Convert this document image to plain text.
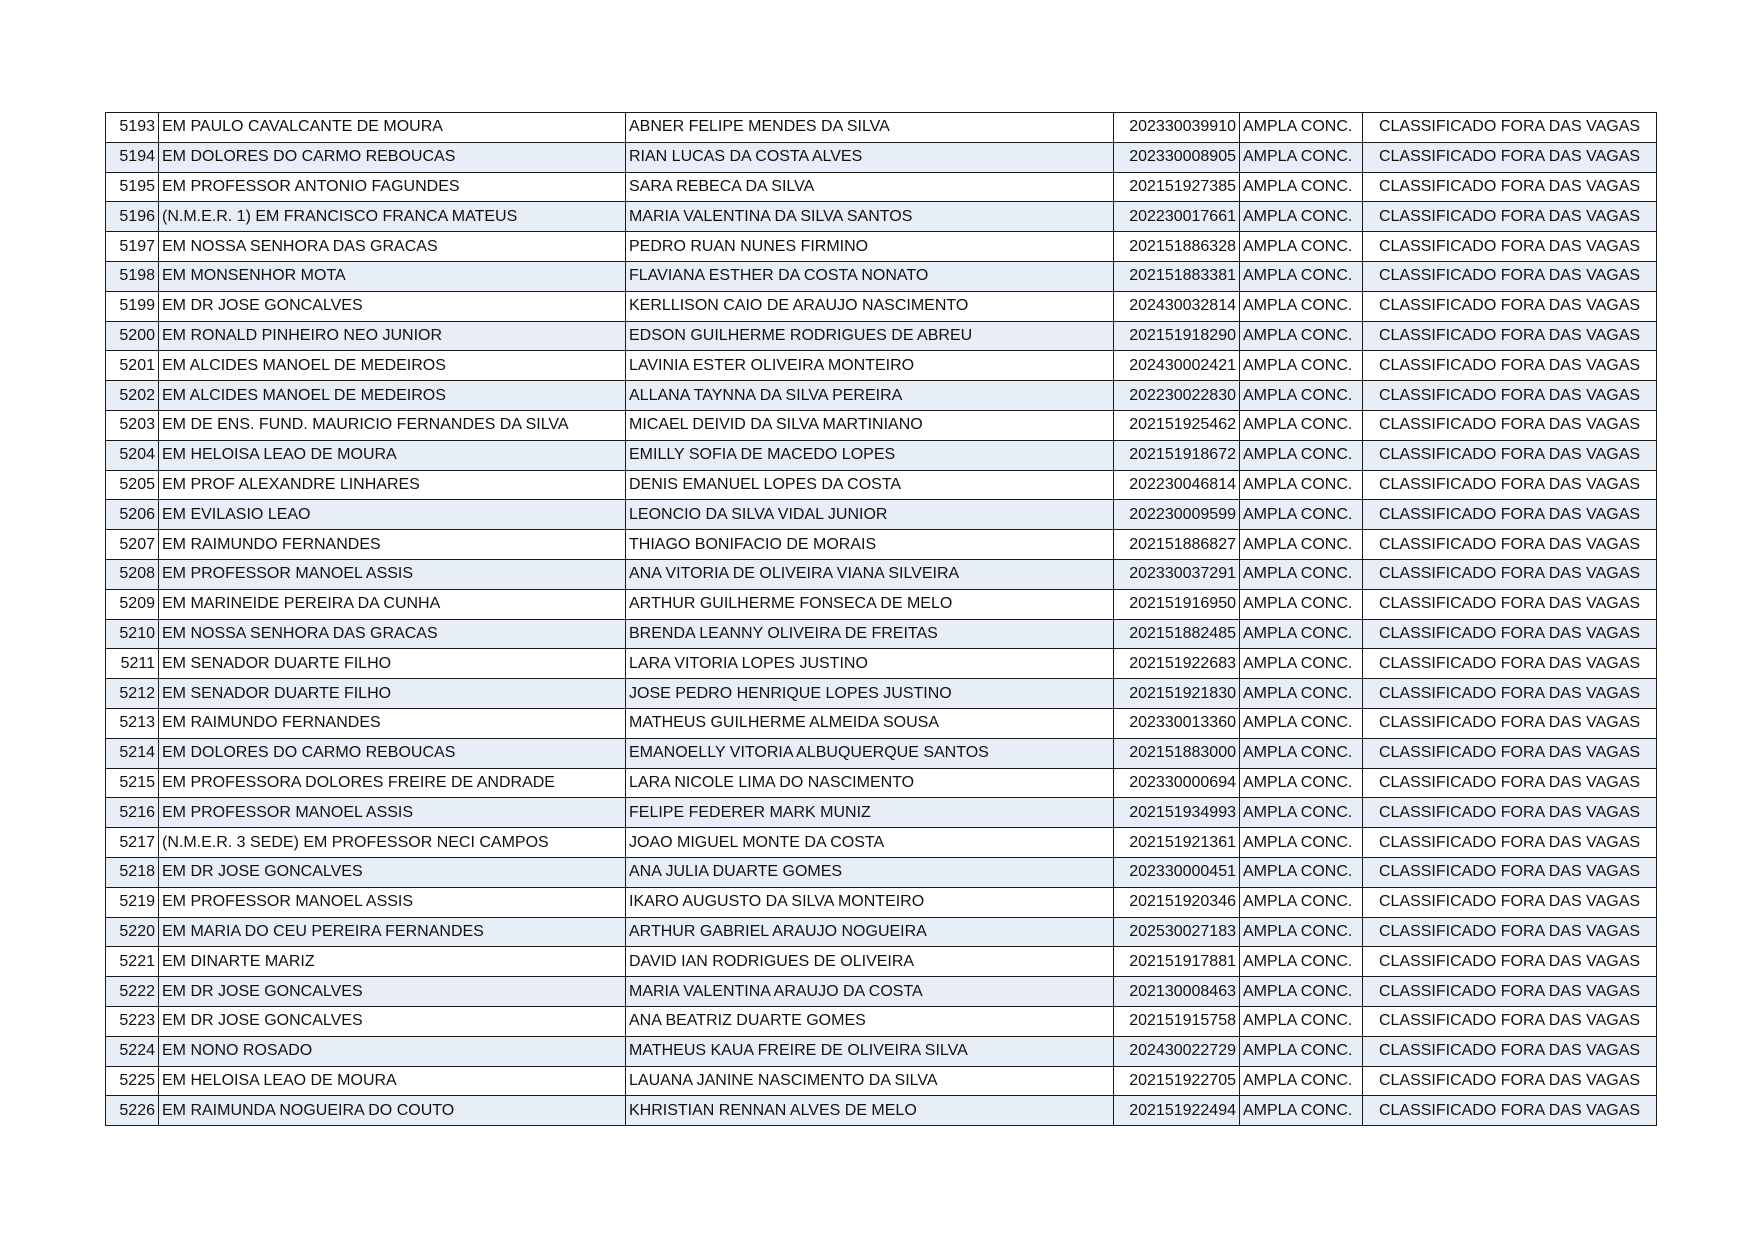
5193	EM PAULO CAVALCANTE DE MOURA	ABNER FELIPE MENDES DA SILVA	202330039910	AMPLA CONC.	CLASSIFICADO FORA DAS VAGAS
5194	EM DOLORES DO CARMO REBOUCAS	RIAN LUCAS DA COSTA ALVES	202330008905	AMPLA CONC.	CLASSIFICADO FORA DAS VAGAS
5195	EM PROFESSOR ANTONIO FAGUNDES	SARA REBECA DA SILVA	202151927385	AMPLA CONC.	CLASSIFICADO FORA DAS VAGAS
5196	(N.M.E.R. 1) EM FRANCISCO FRANCA MATEUS	MARIA VALENTINA DA SILVA SANTOS	202230017661	AMPLA CONC.	CLASSIFICADO FORA DAS VAGAS
5197	EM NOSSA SENHORA DAS GRACAS	PEDRO RUAN NUNES FIRMINO	202151886328	AMPLA CONC.	CLASSIFICADO FORA DAS VAGAS
5198	EM MONSENHOR MOTA	FLAVIANA ESTHER DA COSTA NONATO	202151883381	AMPLA CONC.	CLASSIFICADO FORA DAS VAGAS
5199	EM DR JOSE GONCALVES	KERLLISON CAIO DE ARAUJO NASCIMENTO	202430032814	AMPLA CONC.	CLASSIFICADO FORA DAS VAGAS
5200	EM RONALD PINHEIRO NEO JUNIOR	EDSON GUILHERME RODRIGUES DE ABREU	202151918290	AMPLA CONC.	CLASSIFICADO FORA DAS VAGAS
5201	EM ALCIDES MANOEL DE MEDEIROS	LAVINIA ESTER OLIVEIRA MONTEIRO	202430002421	AMPLA CONC.	CLASSIFICADO FORA DAS VAGAS
5202	EM ALCIDES MANOEL DE MEDEIROS	ALLANA TAYNNA DA SILVA PEREIRA	202230022830	AMPLA CONC.	CLASSIFICADO FORA DAS VAGAS
5203	EM DE ENS. FUND. MAURICIO FERNANDES DA SILVA	MICAEL DEIVID DA SILVA MARTINIANO	202151925462	AMPLA CONC.	CLASSIFICADO FORA DAS VAGAS
5204	EM HELOISA LEAO DE MOURA	EMILLY SOFIA DE MACEDO LOPES	202151918672	AMPLA CONC.	CLASSIFICADO FORA DAS VAGAS
5205	EM PROF ALEXANDRE LINHARES	DENIS EMANUEL LOPES DA COSTA	202230046814	AMPLA CONC.	CLASSIFICADO FORA DAS VAGAS
5206	EM EVILASIO LEAO	LEONCIO DA SILVA VIDAL JUNIOR	202230009599	AMPLA CONC.	CLASSIFICADO FORA DAS VAGAS
5207	EM RAIMUNDO FERNANDES	THIAGO BONIFACIO DE MORAIS	202151886827	AMPLA CONC.	CLASSIFICADO FORA DAS VAGAS
5208	EM PROFESSOR MANOEL ASSIS	ANA VITORIA DE OLIVEIRA VIANA SILVEIRA	202330037291	AMPLA CONC.	CLASSIFICADO FORA DAS VAGAS
5209	EM MARINEIDE PEREIRA DA CUNHA	ARTHUR GUILHERME FONSECA DE MELO	202151916950	AMPLA CONC.	CLASSIFICADO FORA DAS VAGAS
5210	EM NOSSA SENHORA DAS GRACAS	BRENDA LEANNY OLIVEIRA DE FREITAS	202151882485	AMPLA CONC.	CLASSIFICADO FORA DAS VAGAS
5211	EM SENADOR DUARTE FILHO	LARA VITORIA LOPES JUSTINO	202151922683	AMPLA CONC.	CLASSIFICADO FORA DAS VAGAS
5212	EM SENADOR DUARTE FILHO	JOSE PEDRO HENRIQUE LOPES JUSTINO	202151921830	AMPLA CONC.	CLASSIFICADO FORA DAS VAGAS
5213	EM RAIMUNDO FERNANDES	MATHEUS GUILHERME ALMEIDA SOUSA	202330013360	AMPLA CONC.	CLASSIFICADO FORA DAS VAGAS
5214	EM DOLORES DO CARMO REBOUCAS	EMANOELLY VITORIA ALBUQUERQUE SANTOS	202151883000	AMPLA CONC.	CLASSIFICADO FORA DAS VAGAS
5215	EM PROFESSORA DOLORES FREIRE DE ANDRADE	LARA NICOLE LIMA DO NASCIMENTO	202330000694	AMPLA CONC.	CLASSIFICADO FORA DAS VAGAS
5216	EM PROFESSOR MANOEL ASSIS	FELIPE FEDERER MARK MUNIZ	202151934993	AMPLA CONC.	CLASSIFICADO FORA DAS VAGAS
5217	(N.M.E.R. 3 SEDE) EM PROFESSOR NECI CAMPOS	JOAO MIGUEL MONTE DA COSTA	202151921361	AMPLA CONC.	CLASSIFICADO FORA DAS VAGAS
5218	EM DR JOSE GONCALVES	ANA JULIA DUARTE GOMES	202330000451	AMPLA CONC.	CLASSIFICADO FORA DAS VAGAS
5219	EM PROFESSOR MANOEL ASSIS	IKARO AUGUSTO DA SILVA MONTEIRO	202151920346	AMPLA CONC.	CLASSIFICADO FORA DAS VAGAS
5220	EM MARIA DO CEU PEREIRA FERNANDES	ARTHUR GABRIEL ARAUJO NOGUEIRA	202530027183	AMPLA CONC.	CLASSIFICADO FORA DAS VAGAS
5221	EM DINARTE MARIZ	DAVID IAN RODRIGUES DE OLIVEIRA	202151917881	AMPLA CONC.	CLASSIFICADO FORA DAS VAGAS
5222	EM DR JOSE GONCALVES	MARIA VALENTINA ARAUJO DA COSTA	202130008463	AMPLA CONC.	CLASSIFICADO FORA DAS VAGAS
5223	EM DR JOSE GONCALVES	ANA BEATRIZ DUARTE GOMES	202151915758	AMPLA CONC.	CLASSIFICADO FORA DAS VAGAS
5224	EM NONO ROSADO	MATHEUS KAUA FREIRE DE OLIVEIRA SILVA	202430022729	AMPLA CONC.	CLASSIFICADO FORA DAS VAGAS
5225	EM HELOISA LEAO DE MOURA	LAUANA JANINE NASCIMENTO DA SILVA	202151922705	AMPLA CONC.	CLASSIFICADO FORA DAS VAGAS
5226	EM RAIMUNDA NOGUEIRA DO COUTO	KHRISTIAN RENNAN ALVES DE MELO	202151922494	AMPLA CONC.	CLASSIFICADO FORA DAS VAGAS
